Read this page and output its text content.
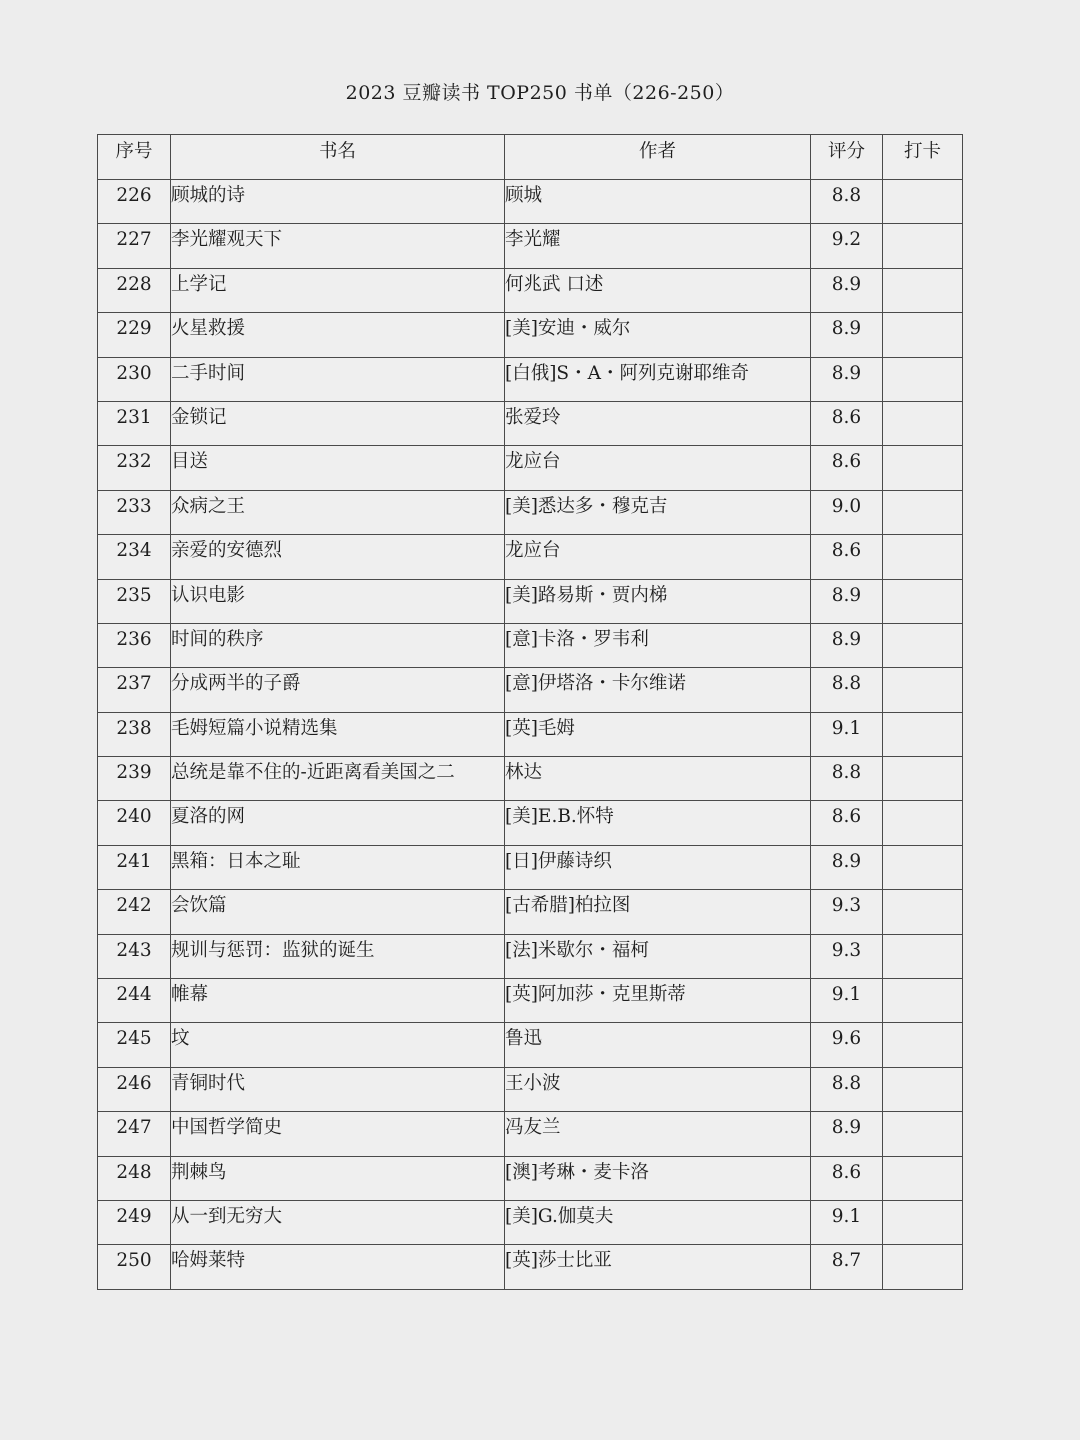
2023 豆瓣读书 TOP250 书单（226-250）
序号	书名	作者	评分	打卡
226	顾城的诗	顾城	8.8	
227	李光耀观天下	李光耀	9.2	
228	上学记	何兆武 口述	8.9	
229	火星救援	[美]安迪・威尔	8.9	
230	二手时间	[白俄]S・A・阿列克谢耶维奇	8.9	
231	金锁记	张爱玲	8.6	
232	目送	龙应台	8.6	
233	众病之王	[美]悉达多・穆克吉	9.0	
234	亲爱的安德烈	龙应台	8.6	
235	认识电影	[美]路易斯・贾内梯	8.9	
236	时间的秩序	[意]卡洛・罗韦利	8.9	
237	分成两半的子爵	[意]伊塔洛・卡尔维诺	8.8	
238	毛姆短篇小说精选集	[英]毛姆	9.1	
239	总统是靠不住的-近距离看美国之二	林达	8.8	
240	夏洛的网	[美]E.B.怀特	8.6	
241	黑箱：日本之耻	[日]伊藤诗织	8.9	
242	会饮篇	[古希腊]柏拉图	9.3	
243	规训与惩罚：监狱的诞生	[法]米歇尔・福柯	9.3	
244	帷幕	[英]阿加莎・克里斯蒂	9.1	
245	坟	鲁迅	9.6	
246	青铜时代	王小波	8.8	
247	中国哲学简史	冯友兰	8.9	
248	荆棘鸟	[澳]考琳・麦卡洛	8.6	
249	从一到无穷大	[美]G.伽莫夫	9.1	
250	哈姆莱特	[英]莎士比亚	8.7	
